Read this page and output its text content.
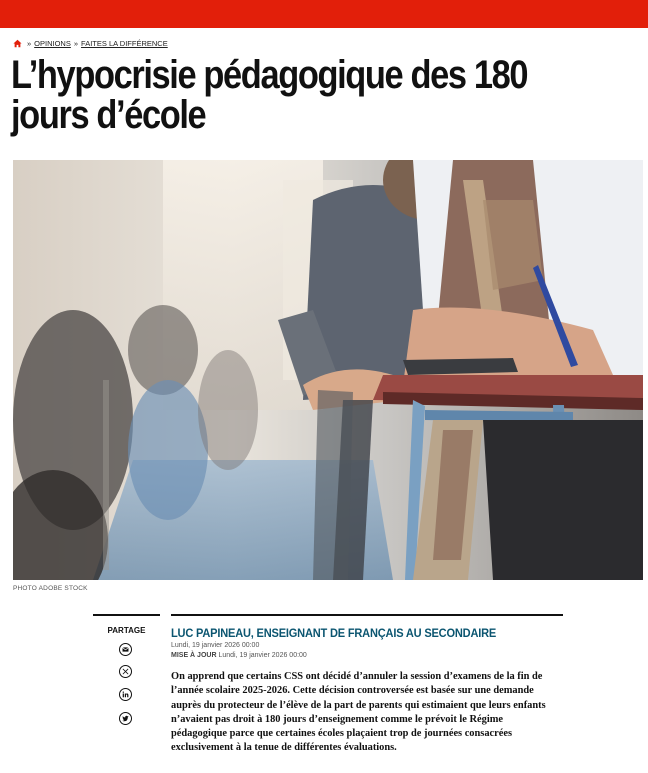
» OPINIONS » FAITES LA DIFFÉRENCE
L’hypocrisie pédagogique des 180 jours d’école
PHOTO ADOBE STOCK
PARTAGE	LUC PAPINEAU, ENSEIGNANT DE FRANÇAIS AU SECONDAIRE
Lundi, 19 janvier 2026 00:00
MISE À JOUR Lundi, 19 janvier 2026 00:00

On apprend que certains CSS ont décidé d’annuler la session d’examens de la fin de l’année scolaire 2025-2026. Cette décision controversée est basée sur une demande auprès du protecteur de l’élève de la part de parents qui estimaient que leurs enfants n’avaient pas droit à 180 jours d’enseignement comme le prévoit le Régime pédagogique parce que certaines écoles plaçaient trop de journées consacrées exclusivement à la tenue de différentes évaluations.
